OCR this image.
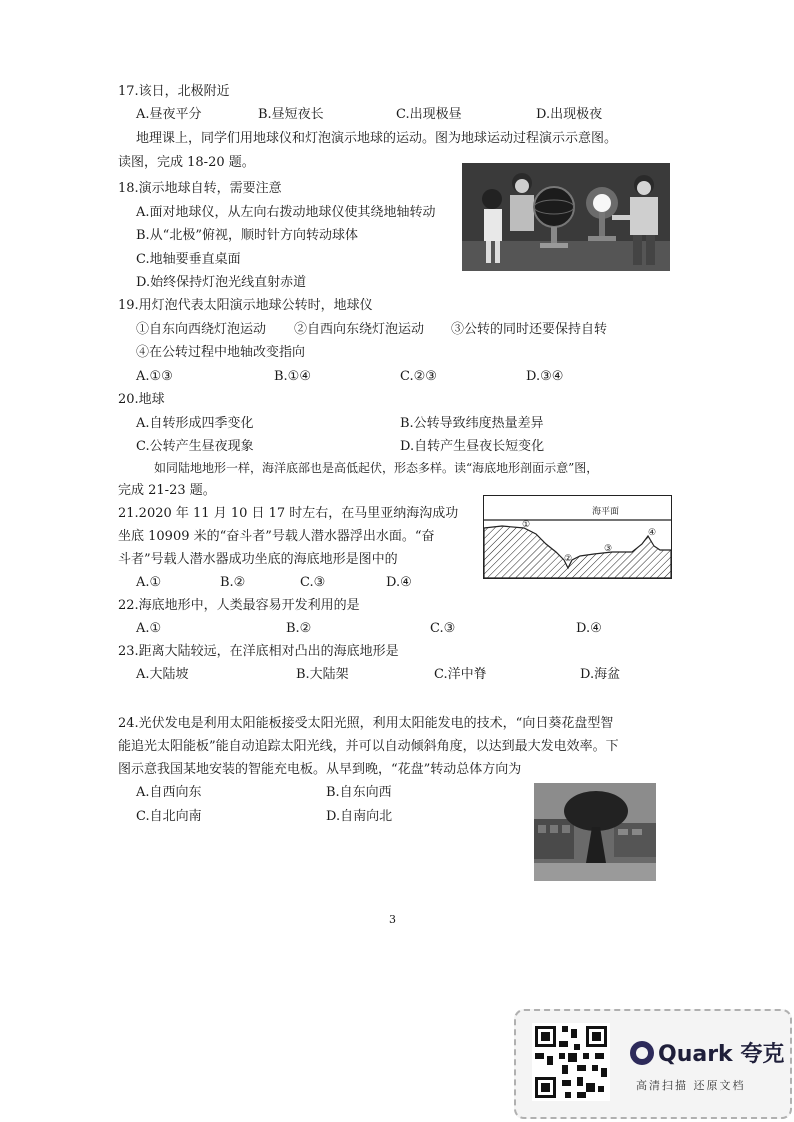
17.该日，北极附近
A.昼夜平分	B.昼短夜长	C.出现极昼	D.出现极夜
地理课上，同学们用地球仪和灯泡演示地球的运动。图为地球运动过程演示示意图。
读图，完成 18-20 题。
18.演示地球自转，需要注意
A.面对地球仪，从左向右拨动地球仪使其绕地轴转动
B.从“北极”俯视，顺时针方向转动球体
C.地轴要垂直桌面
D.始终保持灯泡光线直射赤道
19.用灯泡代表太阳演示地球公转时，地球仪
①自东向西绕灯泡运动 ②自西向东绕灯泡运动 ③公转的同时还要保持自转
④在公转过程中地轴改变指向
A.①③	B.①④	C.②③	D.③④
20.地球
A.自转形成四季变化	B.公转导致纬度热量差异
C.公转产生昼夜现象	D.自转产生昼夜长短变化
如同陆地地形一样，海洋底部也是高低起伏，形态多样。读“海底地形剖面示意”图，
完成 21-23 题。
海平面
①
②
③
④
21.2020 年 11 月 10 日 17 时左右，在马里亚纳海沟成功
坐底 10909 米的“奋斗者”号载人潜水器浮出水面。“奋
斗者”号载人潜水器成功坐底的海底地形是图中的
A.①	B.②	C.③	D.④
22.海底地形中，人类最容易开发利用的是
A.①	B.②	C.③	D.④
23.距离大陆较远，在洋底相对凸出的海底地形是
A.大陆坡	B.大陆架	C.洋中脊	D.海盆
24.光伏发电是利用太阳能板接受太阳光照，利用太阳能发电的技术，“向日葵花盘型智
能追光太阳能板”能自动追踪太阳光线，并可以自动倾斜角度，以达到最大发电效率。下
图示意我国某地安装的智能充电板。从早到晚，“花盘”转动总体方向为
A.自西向东	B.自东向西
C.自北向南	D.自南向北
3
Quark 夸克
高清扫描 还原文档
